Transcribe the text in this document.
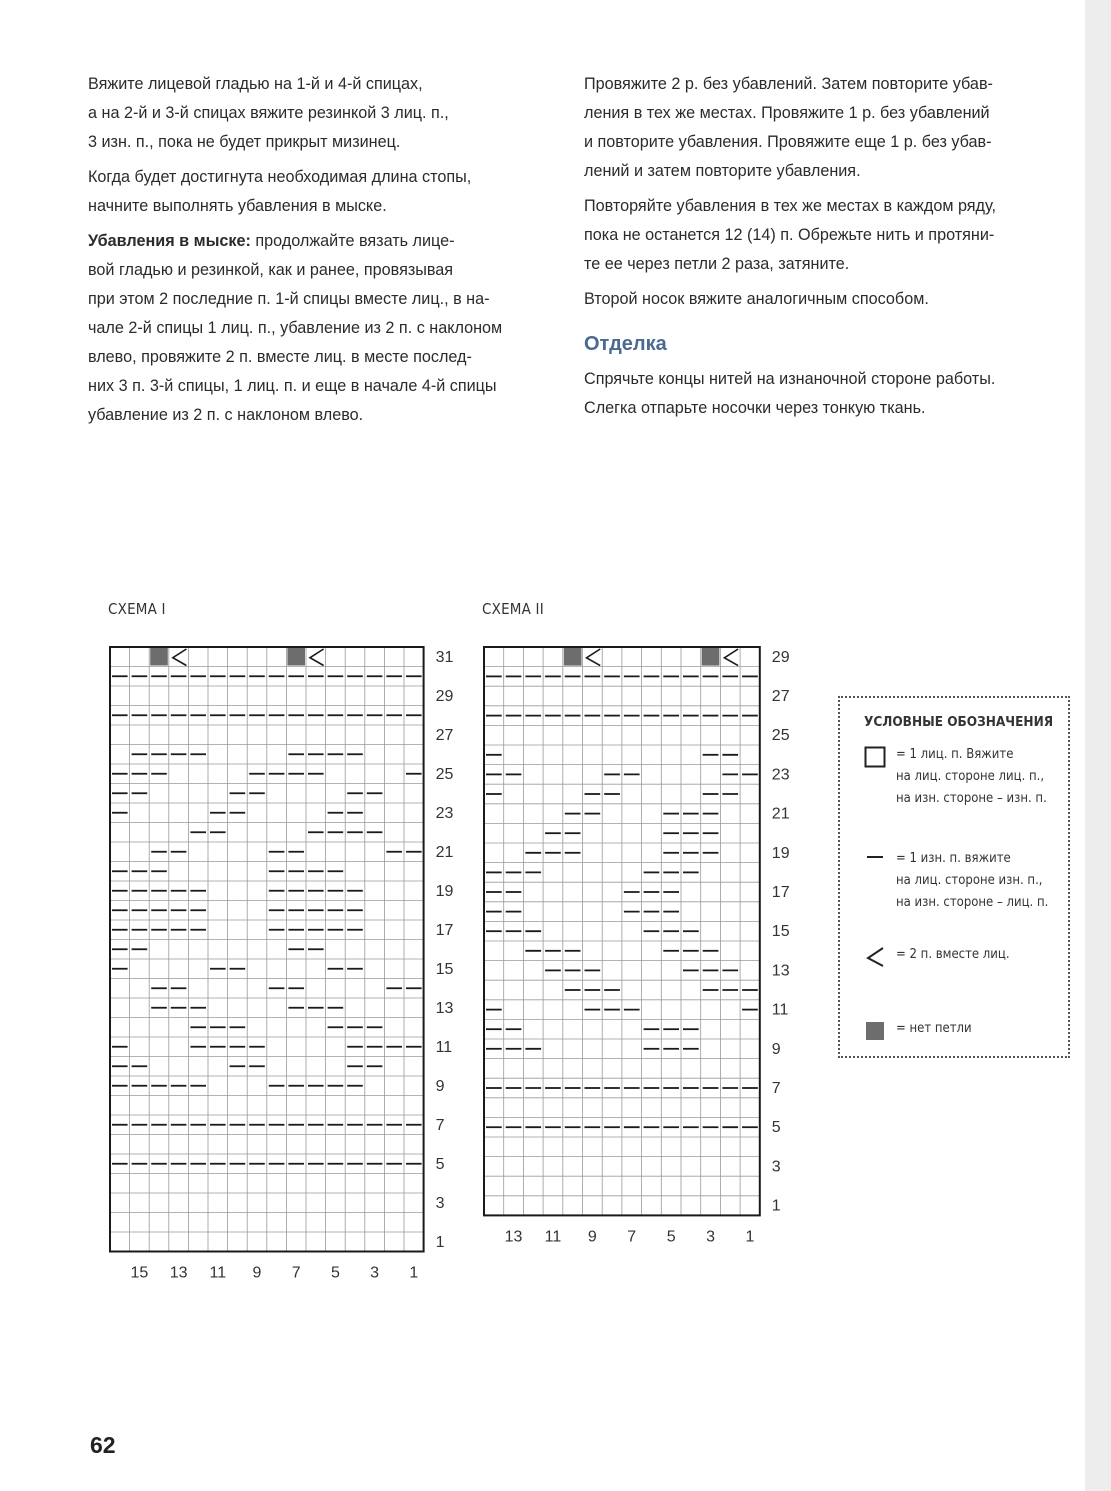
Вяжите лицевой гладью на 1-й и 4-й спицах,
а на 2-й и 3-й спицах вяжите резинкой 3 лиц. п.,
3 изн. п., пока не будет прикрыт мизинец.

Когда будет достигнута необходимая длина стопы,
начните выполнять убавления в мыске.

Убавления в мыске: продолжайте вязать лице-
вой гладью и резинкой, как и ранее, провязывая
при этом 2 последние п. 1-й спицы вместе лиц., в на-
чале 2-й спицы 1 лиц. п., убавление из 2 п. с наклоном
влево, провяжите 2 п. вместе лиц. в месте послед-
них 3 п. 3-й спицы, 1 лиц. п. и еще в начале 4-й спицы
убавление из 2 п. с наклоном влево.

Провяжите 2 р. без убавлений. Затем повторите убав-
ления в тех же местах. Провяжите 1 р. без убавлений
и повторите убавления. Провяжите еще 1 р. без убав-
лений и затем повторите убавления.

Повторяйте убавления в тех же местах в каждом ряду,
пока не останется 12 (14) п. Обрежьте нить и протяни-
те ее через петли 2 раза, затяните.

Второй носок вяжите аналогичным способом.

Отделка

Спрячьте концы нитей на изнаночной стороне работы.
Слегка отпарьте носочки через тонкую ткань.

СХЕМА I	СХЕМА II
31
29
27
25
23
21
19
17
15
13
11
9
7
5
3
1
15 13 11 9 7 5 3 1
29
27
25
23
21
19
17
15
13
11
9
7
5
3
1
13 11 9 7 5 3 1
УСЛОВНЫЕ ОБОЗНАЧЕНИЯ
= 1 лиц. п. Вяжите
на лиц. стороне лиц. п.,
на изн. стороне – изн. п.
= 1 изн. п. вяжите
на лиц. стороне изн. п.,
на изн. стороне – лиц. п.
= 2 п. вместе лиц.
= нет петли
62
